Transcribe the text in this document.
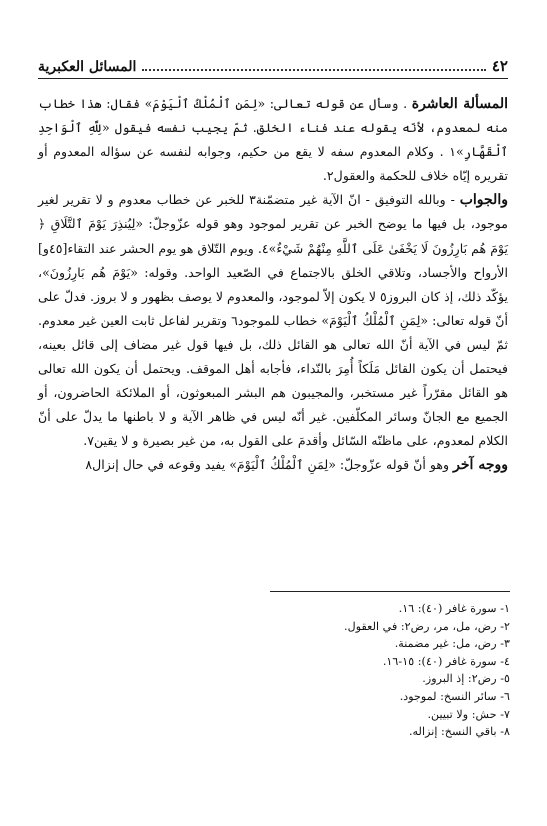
٤٢
المسائل العكبرية

المسألة العاشرة . وسأل عن قوله تعالى: «لِمَنِ ٱلْمُلْكُ ٱلْيَوْمَ» فقال: هذا خطاب منه لمعدوم، لأنّه يقوله عند فناء الخلق. ثمّ يجيب نفسه فيقول «لِلَّهِ ٱلْوَاحِدِ ٱلْقَهَّارِ»١ . وكلام المعدوم سفه لا يقع من حكيم، وجوابه لنفسه عن سؤاله المعدوم أو تقريره إيّاه خلاف للحكمة والعقول٢.

والجواب - وبالله التوفيق - انّ الآية غير متضمّنة٣ للخبر عن خطاب معدوم و لا تقرير لغير موجود، بل فيها ما يوضح الخبر عن تقرير لموجود وهو قوله عزّوجلّ: «لِيُنذِرَ يَوْمَ ٱلتَّلَاقِ ﴿ يَوْمَ هُم بَارِزُونَ لَا يَخْفَىٰ عَلَى ٱللَّهِ مِنْهُمْ شَيْءٌ»٤. ويوم التّلاق هو يوم الحشر عند التقاء[٤٥و] الأرواح والأجساد، وتلاقي الخلق بالاجتماع في الصّعيد الواحد. وقوله: «يَوْمَ هُم بَارِزُونَ»، يؤكّد ذلك، إذ كان البروز٥ لا يكون إلاّ لموجود، والمعدوم لا يوصف بظهور و لا بروز. فدلّ على أنّ قوله تعالى: «لِمَنِ ٱلْمُلْكُ ٱلْيَوْمَ» خطاب للموجود٦ وتقرير لفاعل ثابت العين غير معدوم. ثمّ ليس في الآية أنّ الله تعالى هو القائل ذلك، بل فيها قول غير مضاف إلى قائل بعينه، فيحتمل أن يكون القائل مَلَكاً أُمِرَ بالنّداء، فأجابه أهل الموقف. ويحتمل أن يكون الله تعالى هو القائل مقرّراً غير مستخبر، والمجيبون هم البشر المبعوثون، أو الملائكة الحاضرون، أو الجميع مع الجانّ وسائر المكلّفين. غير أنّه ليس في ظاهر الآية و لا باطنها ما يدلّ على أنّ الكلام لمعدوم، على ماظنّه السّائل وأقدمَ على القول به، من غير بصيرة و لا يقين٧.

ووجه آخر وهو أنّ قوله عزّوجلّ: «لِمَنِ ٱلْمُلْكُ ٱلْيَوْمَ» يفيد وقوعه في حال إنزال٨

١- سورة غافر (٤٠): ١٦.
٢- رض، مل، مر، رض٢: في العقول.
٣- رض، مل: غير مضمنة.
٤- سورة غافر (٤٠): ١٥-١٦.
٥- رض٢: إذ البروز.
٦- سائر النسخ: لموجود.
٧- حش: ولا تبيين.
٨- باقي النسخ: إنزاله.
